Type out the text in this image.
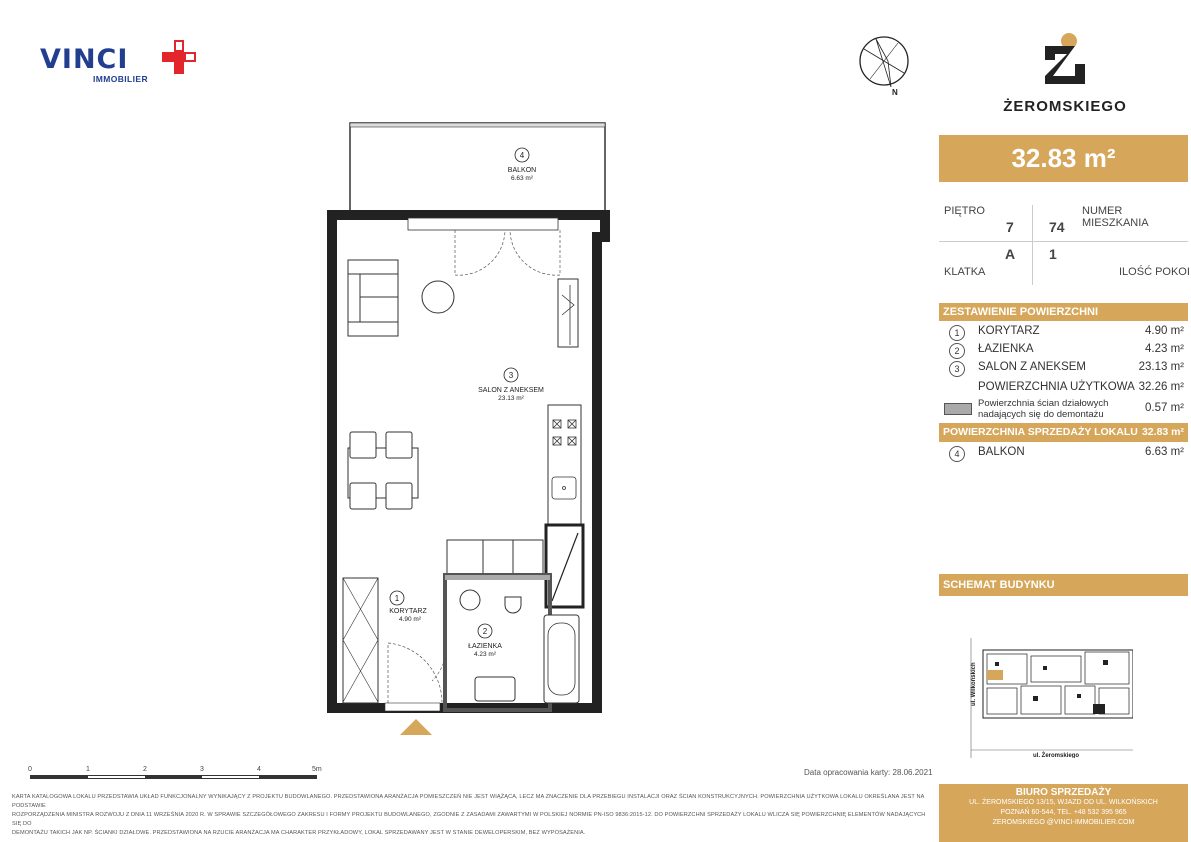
VINCI
IMMOBILIER
N
ŻEROMSKIEGO
32.83 m²
PIĘTRO	NUMER MIESZKANIA
7	74
A 1
KLATKA	ILOŚĆ POKOI
ZESTAWIENIE POWIERZCHNI
1	KORYTARZ	4.90 m²
2	ŁAZIENKA	4.23 m²
3	SALON Z ANEKSEM	23.13 m²
POWIERZCHNIA UŻYTKOWA 32.26 m²
Powierzchnia ścian działowych
nadających się do demontażu
0.57 m²
POWIERZCHNIA SPRZEDAŻY LOKALU 32.83 m²
4	BALKON	6.63 m²
SCHEMAT BUDYNKU
ul. Wilkońskich
ul. Żeromskiego
4
BALKON
6.63 m²
3
SALON Z ANEKSEM
23.13 m²
1
KORYTARZ
4.90 m²
2
ŁAZIENKA
4.23 m²
0	1	2	3	4	5m	Data opracowania karty: 28.06.2021
KARTA KATALOGOWA LOKALU PRZEDSTAWIA UKŁAD FUNKCJONALNY WYNIKAJĄCY Z PROJEKTU BUDOWLANEGO. PRZEDSTAWIONA ARANŻACJA POMIESZCZEŃ NIE JEST WIĄŻĄCA, LECZ MA ZNACZENIE DLA PRZEBIEGU INSTALACJI ORAZ ŚCIAN KONSTRUKCYJNYCH. POWIERZCHNIA UŻYTKOWA LOKALU OKREŚLANA JEST NA PODSTAWIE
ROZPORZĄDZENIA MINISTRA ROZWOJU Z DNIA 11 WRZEŚNIA 2020 R. W SPRAWIE SZCZEGÓŁOWEGO ZAKRESU I FORMY PROJEKTU BUDOWLANEGO, ZGODNIE Z ZASADAMI ZAWARTYMI W POLSKIEJ NORMIE PN-ISO 9836:2015-12. DO POWIERZCHNI SPRZEDAŻY LOKALU WLICZA SIĘ POWIERZCHNIĘ ELEMENTÓW NADAJĄCYCH SIĘ DO
DEMONTAŻU TAKICH JAK NP. ŚCIANKI DZIAŁOWE. PRZEDSTAWIONA NA RZUCIE ARANŻACJA MA CHARAKTER PRZYKŁADOWY, LOKAL SPRZEDAWANY JEST W STANIE DEWELOPERSKIM, BEZ WYPOSAŻENIA.
BIURO SPRZEDAŻY
UL. ŻEROMSKIEGO 13/15, WJAZD OD UL. WILKOŃSKICH
POZNAŃ 60-544, TEL. +48 532 395 965
ZEROMSKIEGO @VINCI-IMMOBILIER.COM
